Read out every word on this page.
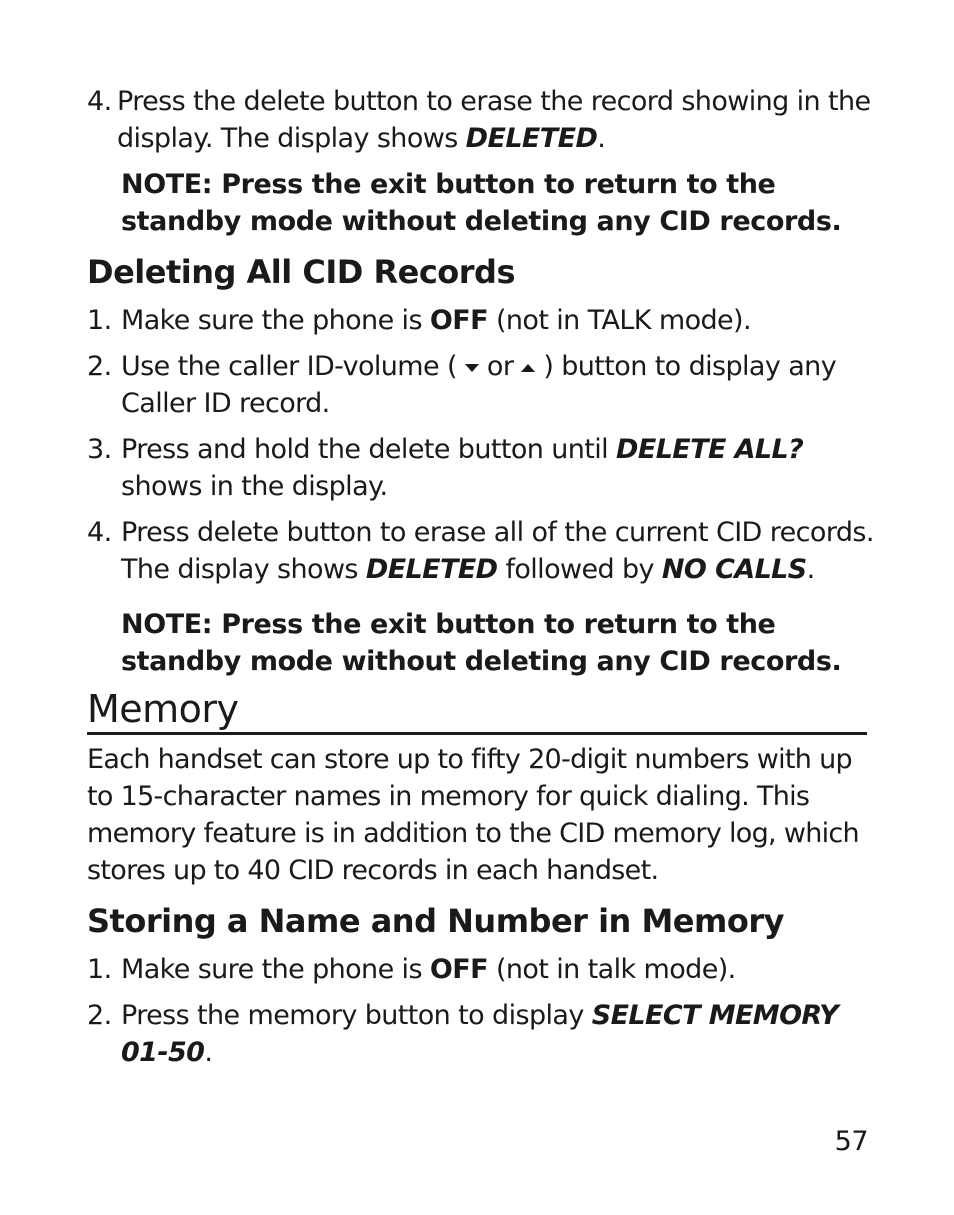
4. Press the delete button to erase the record showing in the display. The display shows DELETED.
NOTE: Press the exit button to return to the standby mode without deleting any CID records.
Deleting All CID Records
1. Make sure the phone is OFF (not in TALK mode).
2. Use the caller ID-volume ( or ) button to display any Caller ID record.
3. Press and hold the delete button until DELETE ALL? shows in the display.
4. Press delete button to erase all of the current CID records. The display shows DELETED followed by NO CALLS.
NOTE: Press the exit button to return to the standby mode without deleting any CID records.
Memory
Each handset can store up to fifty 20-digit numbers with up to 15-character names in memory for quick dialing. This memory feature is in addition to the CID memory log, which stores up to 40 CID records in each handset.
Storing a Name and Number in Memory
1. Make sure the phone is OFF (not in talk mode).
2. Press the memory button to display SELECT MEMORY 01-50.
57
